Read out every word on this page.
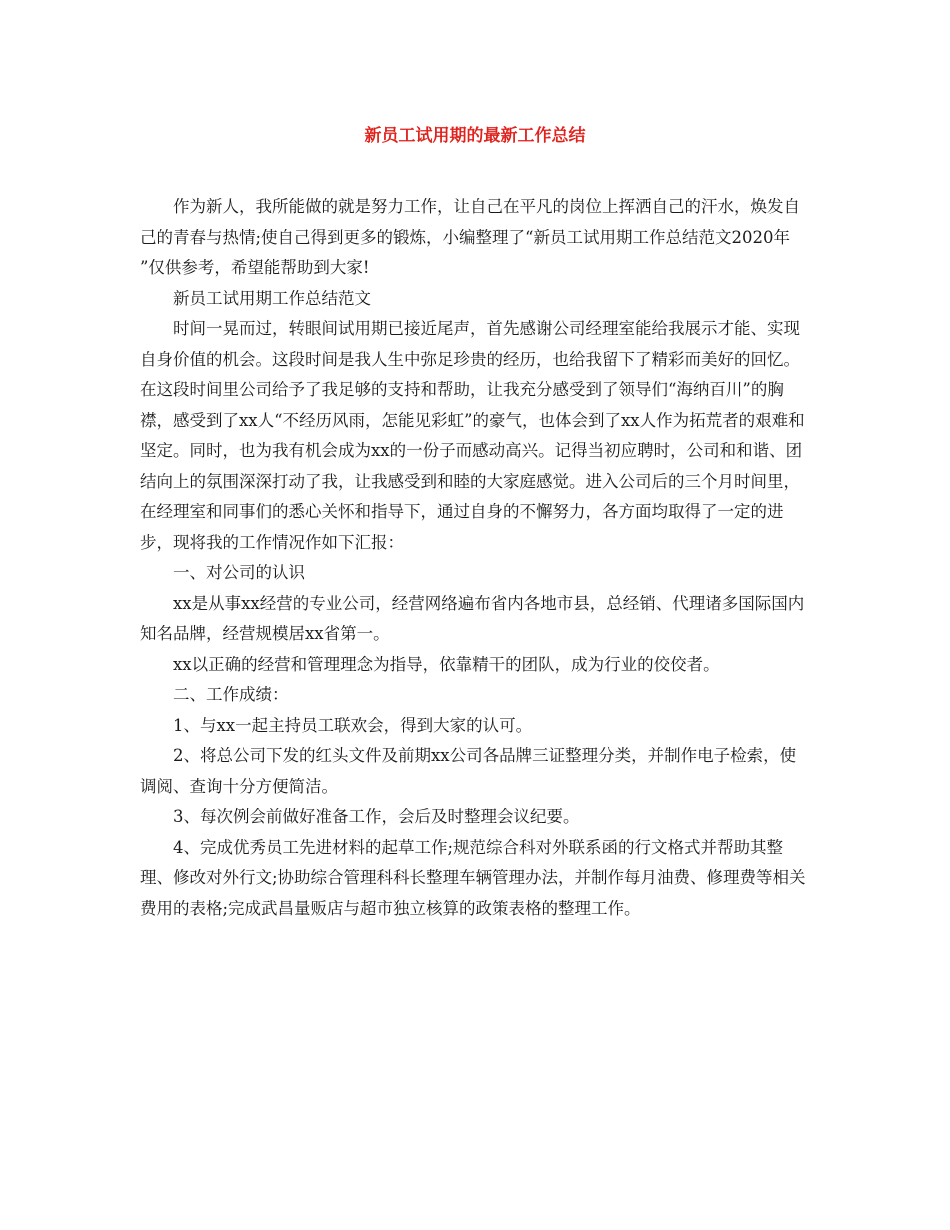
新员工试用期的最新工作总结

作为新人，我所能做的就是努力工作，让自己在平凡的岗位上挥洒自己的汗水，焕发自己的青春与热情;使自己得到更多的锻炼，小编整理了“新员工试用期工作总结范文2020年 ”仅供参考，希望能帮助到大家!

新员工试用期工作总结范文

时间一晃而过，转眼间试用期已接近尾声，首先感谢公司经理室能给我展示才能、实现自身价值的机会。这段时间是我人生中弥足珍贵的经历，也给我留下了精彩而美好的回忆。在这段时间里公司给予了我足够的支持和帮助，让我充分感受到了领导们“海纳百川”的胸襟，感受到了xx人“不经历风雨，怎能见彩虹”的豪气，也体会到了xx人作为拓荒者的艰难和坚定。同时，也为我有机会成为xx的一份子而感动高兴。记得当初应聘时，公司和和谐、团结向上的氛围深深打动了我，让我感受到和睦的大家庭感觉。进入公司后的三个月时间里，在经理室和同事们的悉心关怀和指导下，通过自身的不懈努力，各方面均取得了一定的进步，现将我的工作情况作如下汇报：

一、对公司的认识

xx是从事xx经营的专业公司，经营网络遍布省内各地市县，总经销、代理诸多国际国内知名品牌，经营规模居xx省第一。

xx以正确的经营和管理理念为指导，依靠精干的团队，成为行业的佼佼者。

二、工作成绩：

1、与xx一起主持员工联欢会，得到大家的认可。

2、将总公司下发的红头文件及前期xx公司各品牌三证整理分类，并制作电子检索，使调阅、查询十分方便简洁。

3、每次例会前做好准备工作，会后及时整理会议纪要。

4、完成优秀员工先进材料的起草工作;规范综合科对外联系函的行文格式并帮助其整理、修改对外行文;协助综合管理科科长整理车辆管理办法，并制作每月油费、修理费等相关费用的表格;完成武昌量贩店与超市独立核算的政策表格的整理工作。
